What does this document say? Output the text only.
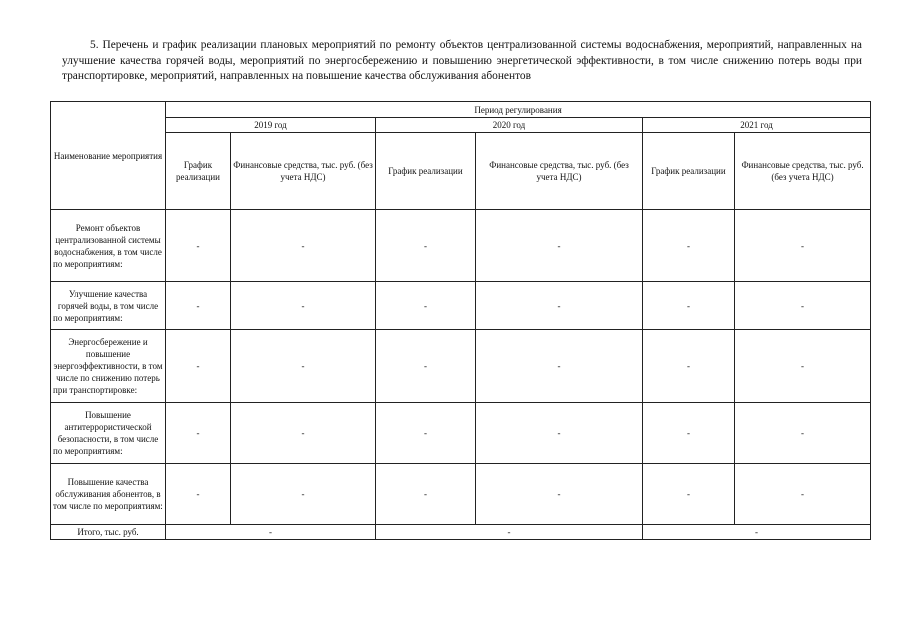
5. Перечень и график реализации плановых мероприятий по ремонту объектов централизованной системы водоснабжения, мероприятий, направленных на улучшение качества горячей воды, мероприятий по энергосбережению и повышению энергетической эффективности, в том числе снижению потерь воды при транспортировке, мероприятий, направленных на повышение качества обслуживания абонентов

Наименование мероприятия	Период регулирования					
	2019 год		2020 год		2021 год	
	График реализации	Финансовые средства, тыс. руб. (без учета НДС)	График реализации	Финансовые средства, тыс. руб. (без учета НДС)	График реализации	Финансовые средства, тыс. руб. (без учета НДС)
Ремонт объектов централизованной системы водоснабжения, в том числе по мероприятиям:	-	-	-	-	-	-
Улучшение качества горячей воды, в том числе по мероприятиям:	-	-	-	-	-	-
Энергосбережение и повышение энергоэффективности, в том числе по снижению потерь при транспортировке:	-	-	-	-	-	-
Повышение антитеррористической безопасности, в том числе по мероприятиям:	-	-	-	-	-	-
Повышение качества обслуживания абонентов, в том числе по мероприятиям:	-	-	-	-	-	-
Итого, тыс. руб.	-		-		-	
